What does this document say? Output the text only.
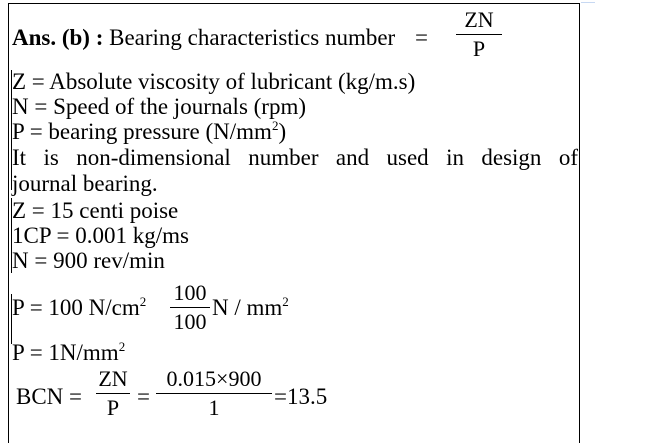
Ans. (b) : Bearing characteristics number =
ZN
P
Z = Absolute viscosity of lubricant (kg/m.s)
N = Speed of the journals (rpm)
P = bearing pressure $(N/mm^2)$
It is non-dimensional number and used in design of
journal bearing.
Z = 15 centi poise
1CP = 0.001 kg/ms
N = 900 rev/min
P = 100 $N/cm^2$ 100
100
N / $mm^2$
$P = 1N/mm^2$
BCN =
ZN
P =
0.015×900
1	=13.5
